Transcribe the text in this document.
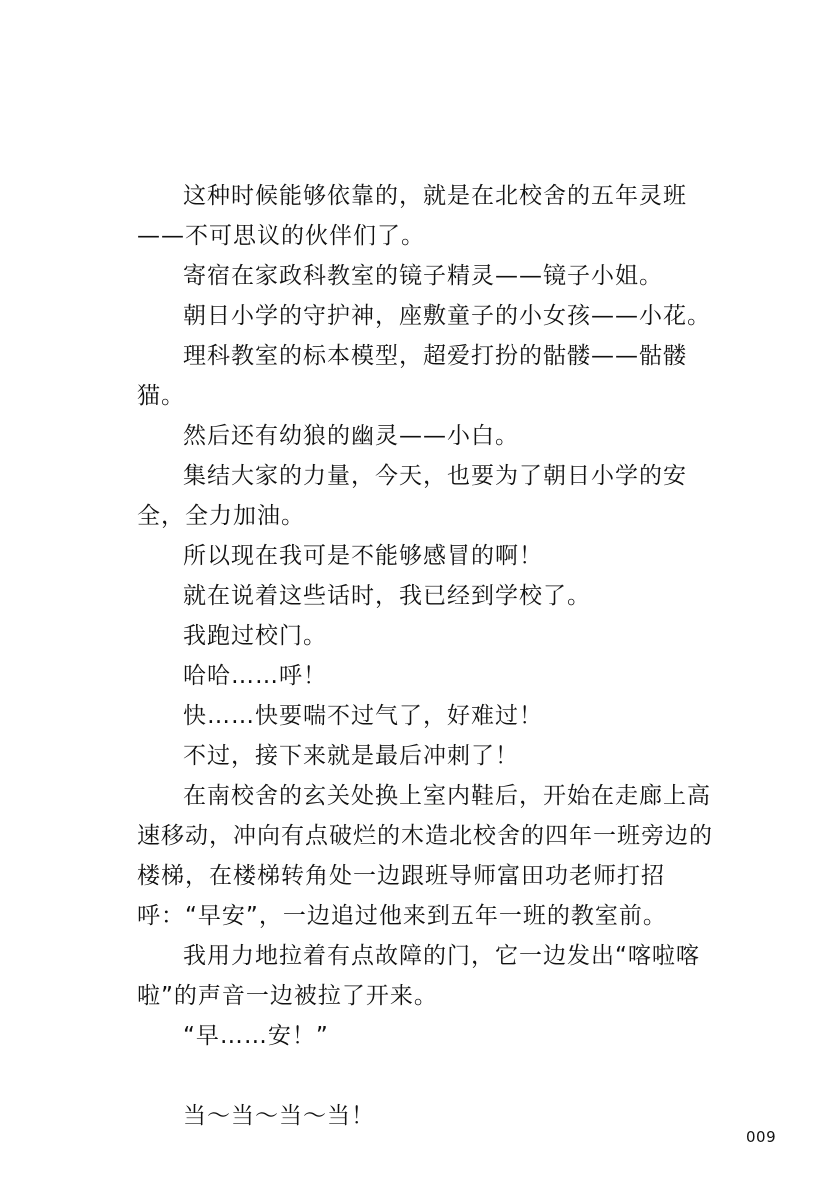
这种时候能够依靠的，就是在北校舍的五年灵班——不可思议的伙伴们了。

寄宿在家政科教室的镜子精灵——镜子小姐。

朝日小学的守护神，座敷童子的小女孩——小花。

理科教室的标本模型，超爱打扮的骷髅——骷髅猫。

然后还有幼狼的幽灵——小白。

集结大家的力量，今天，也要为了朝日小学的安全，全力加油。

所以现在我可是不能够感冒的啊！

就在说着这些话时，我已经到学校了。

我跑过校门。

哈哈……呼！

快……快要喘不过气了，好难过！

不过，接下来就是最后冲刺了！

在南校舍的玄关处换上室内鞋后，开始在走廊上高速移动，冲向有点破烂的木造北校舍的四年一班旁边的楼梯，在楼梯转角处一边跟班导师富田功老师打招呼：“早安”，一边追过他来到五年一班的教室前。

我用力地拉着有点故障的门，它一边发出“喀啦喀啦”的声音一边被拉了开来。

“早……安！”

当～当～当～当！

009
